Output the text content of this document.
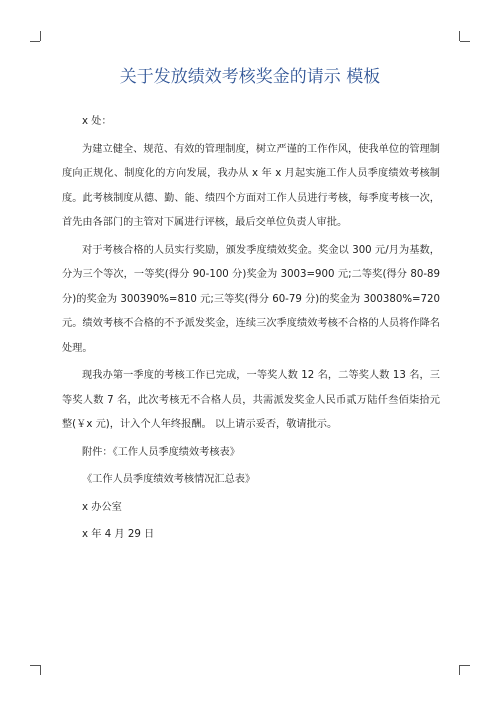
关于发放绩效考核奖金的请示 模板

x 处：

为建立健全、规范、有效的管理制度，树立严谨的工作作风，使我单位的管理制度向正规化、制度化的方向发展，我办从 x 年 x 月起实施工作人员季度绩效考核制度。此考核制度从德、勤、能、绩四个方面对工作人员进行考核，每季度考核一次，首先由各部门的主管对下属进行评核，最后交单位负责人审批。

对于考核合格的人员实行奖励，颁发季度绩效奖金。奖金以 300 元/月为基数，分为三个等次，一等奖(得分 90-100 分)奖金为 3003=900 元;二等奖(得分 80-89 分)的奖金为 300390%=810 元;三等奖(得分 60-79 分)的奖金为 300380%=720 元。绩效考核不合格的不予派发奖金，连续三次季度绩效考核不合格的人员将作降名处理。

现我办第一季度的考核工作已完成，一等奖人数 12 名，二等奖人数 13 名，三等奖人数 7 名，此次考核无不合格人员，共需派发奖金人民币贰万陆仟叁佰柒拾元整(￥x 元)，计入个人年终报酬。 以上请示妥否，敬请批示。

附件：《工作人员季度绩效考核表》

《工作人员季度绩效考核情况汇总表》

x 办公室

x 年 4 月 29 日
